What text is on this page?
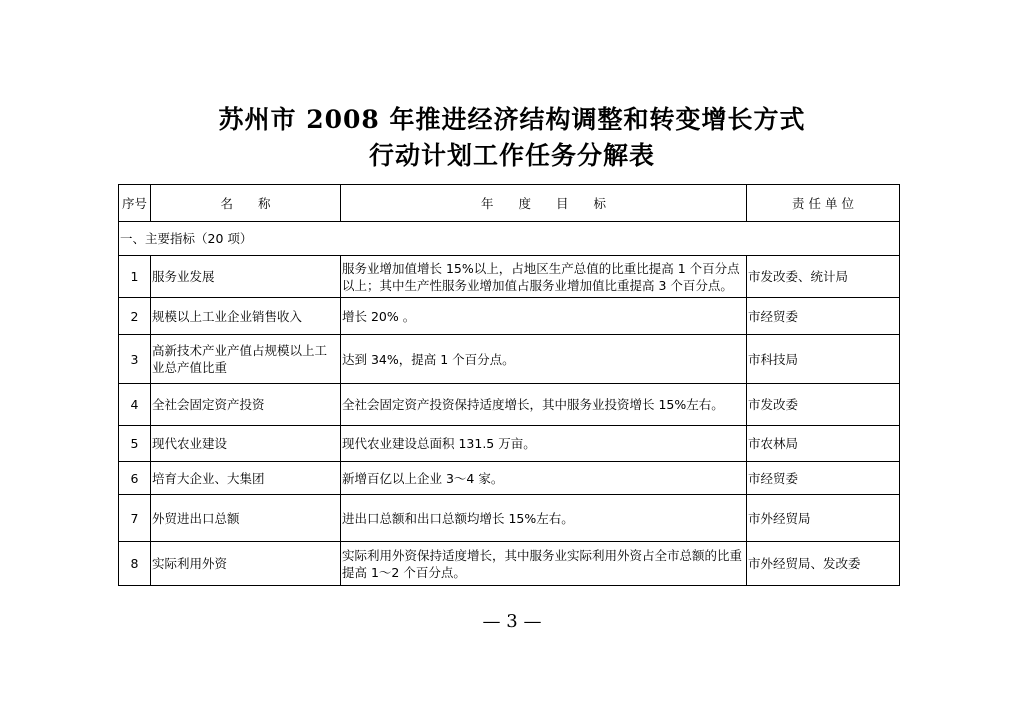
苏州市 2008 年推进经济结构调整和转变增长方式
行动计划工作任务分解表
序号	名　　称	年　　度　　目　　标	责 任 单 位
一、主要指标（20 项）			
1	服务业发展	服务业增加值增长 15%以上，占地区生产总值的比重比提高 1 个百分点以上；其中生产性服务业增加值占服务业增加值比重提高 3 个百分点。	市发改委、统计局
2	规模以上工业企业销售收入	增长 20% 。	市经贸委
3	高新技术产业产值占规模以上工业总产值比重	达到 34%，提高 1 个百分点。	市科技局
4	全社会固定资产投资	全社会固定资产投资保持适度增长，其中服务业投资增长 15%左右。	市发改委
5	现代农业建设	现代农业建设总面积 131.5 万亩。	市农林局
6	培育大企业、大集团	新增百亿以上企业 3～4 家。	市经贸委
7	外贸进出口总额	进出口总额和出口总额均增长 15%左右。	市外经贸局
8	实际利用外资	实际利用外资保持适度增长，其中服务业实际利用外资占全市总额的比重提高 1～2 个百分点。	市外经贸局、发改委
— 3 —
